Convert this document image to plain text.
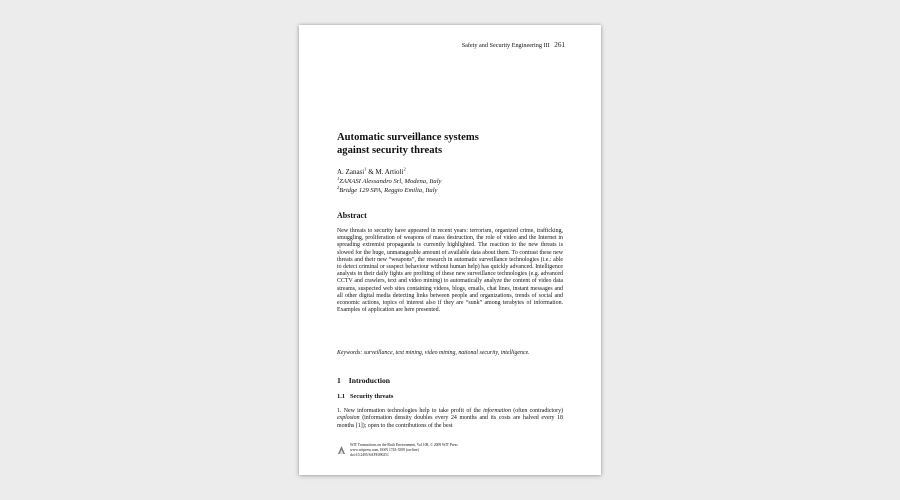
Safety and Security Engineering III 261
Automatic surveillance systems
against security threats
A. Zanasi$^1$ & M. Artioli$^2$
$^1$ZANASI Alessandro Srl, Modena, Italy
$^2$Bridge 129 SPA, Reggio Emilia, Italy
Abstract
New threats to security have appeared in recent years: terrorism, organized crime, trafficking, smuggling, proliferation of weapons of mass destruction, the role of video and the Internet in spreading extremist propaganda is currently highlighted. The reaction to the new threats is slowed for the huge, unmanageable amount of available data about them. To contrast these new threats and their new “weapons”, the research in automatic surveillance technologies (i.e.: able to detect criminal or suspect behaviour without human help) has quickly advanced. Intelligence analysts in their daily fights are profiting of these new surveillance technologies (e.g. advanced CCTV and crawlers, text and video mining) to automatically analyze the content of video data streams, suspected web sites containing videos, blogs, emails, chat lines, instant messages and all other digital media detecting links between people and organizations, trends of social and economic actions, topics of interest also if they are “sunk” among terabytes of information. Examples of application are here presented.
Keywords: surveillance, text mining, video mining, national security, intelligence.
1 Introduction
1.1 Security threats
1. New information technologies help to take profit of the information (often contradictory) explosion (information density doubles every 24 months and its costs are halved every 18 months [1]); open to the contributions of the best
WIT Transactions on the Built Environment, Vol 108, © 2009 WIT Press
www.witpress.com, ISSN 1743-3509 (on-line)
doi:10.2495/SAFE090251
